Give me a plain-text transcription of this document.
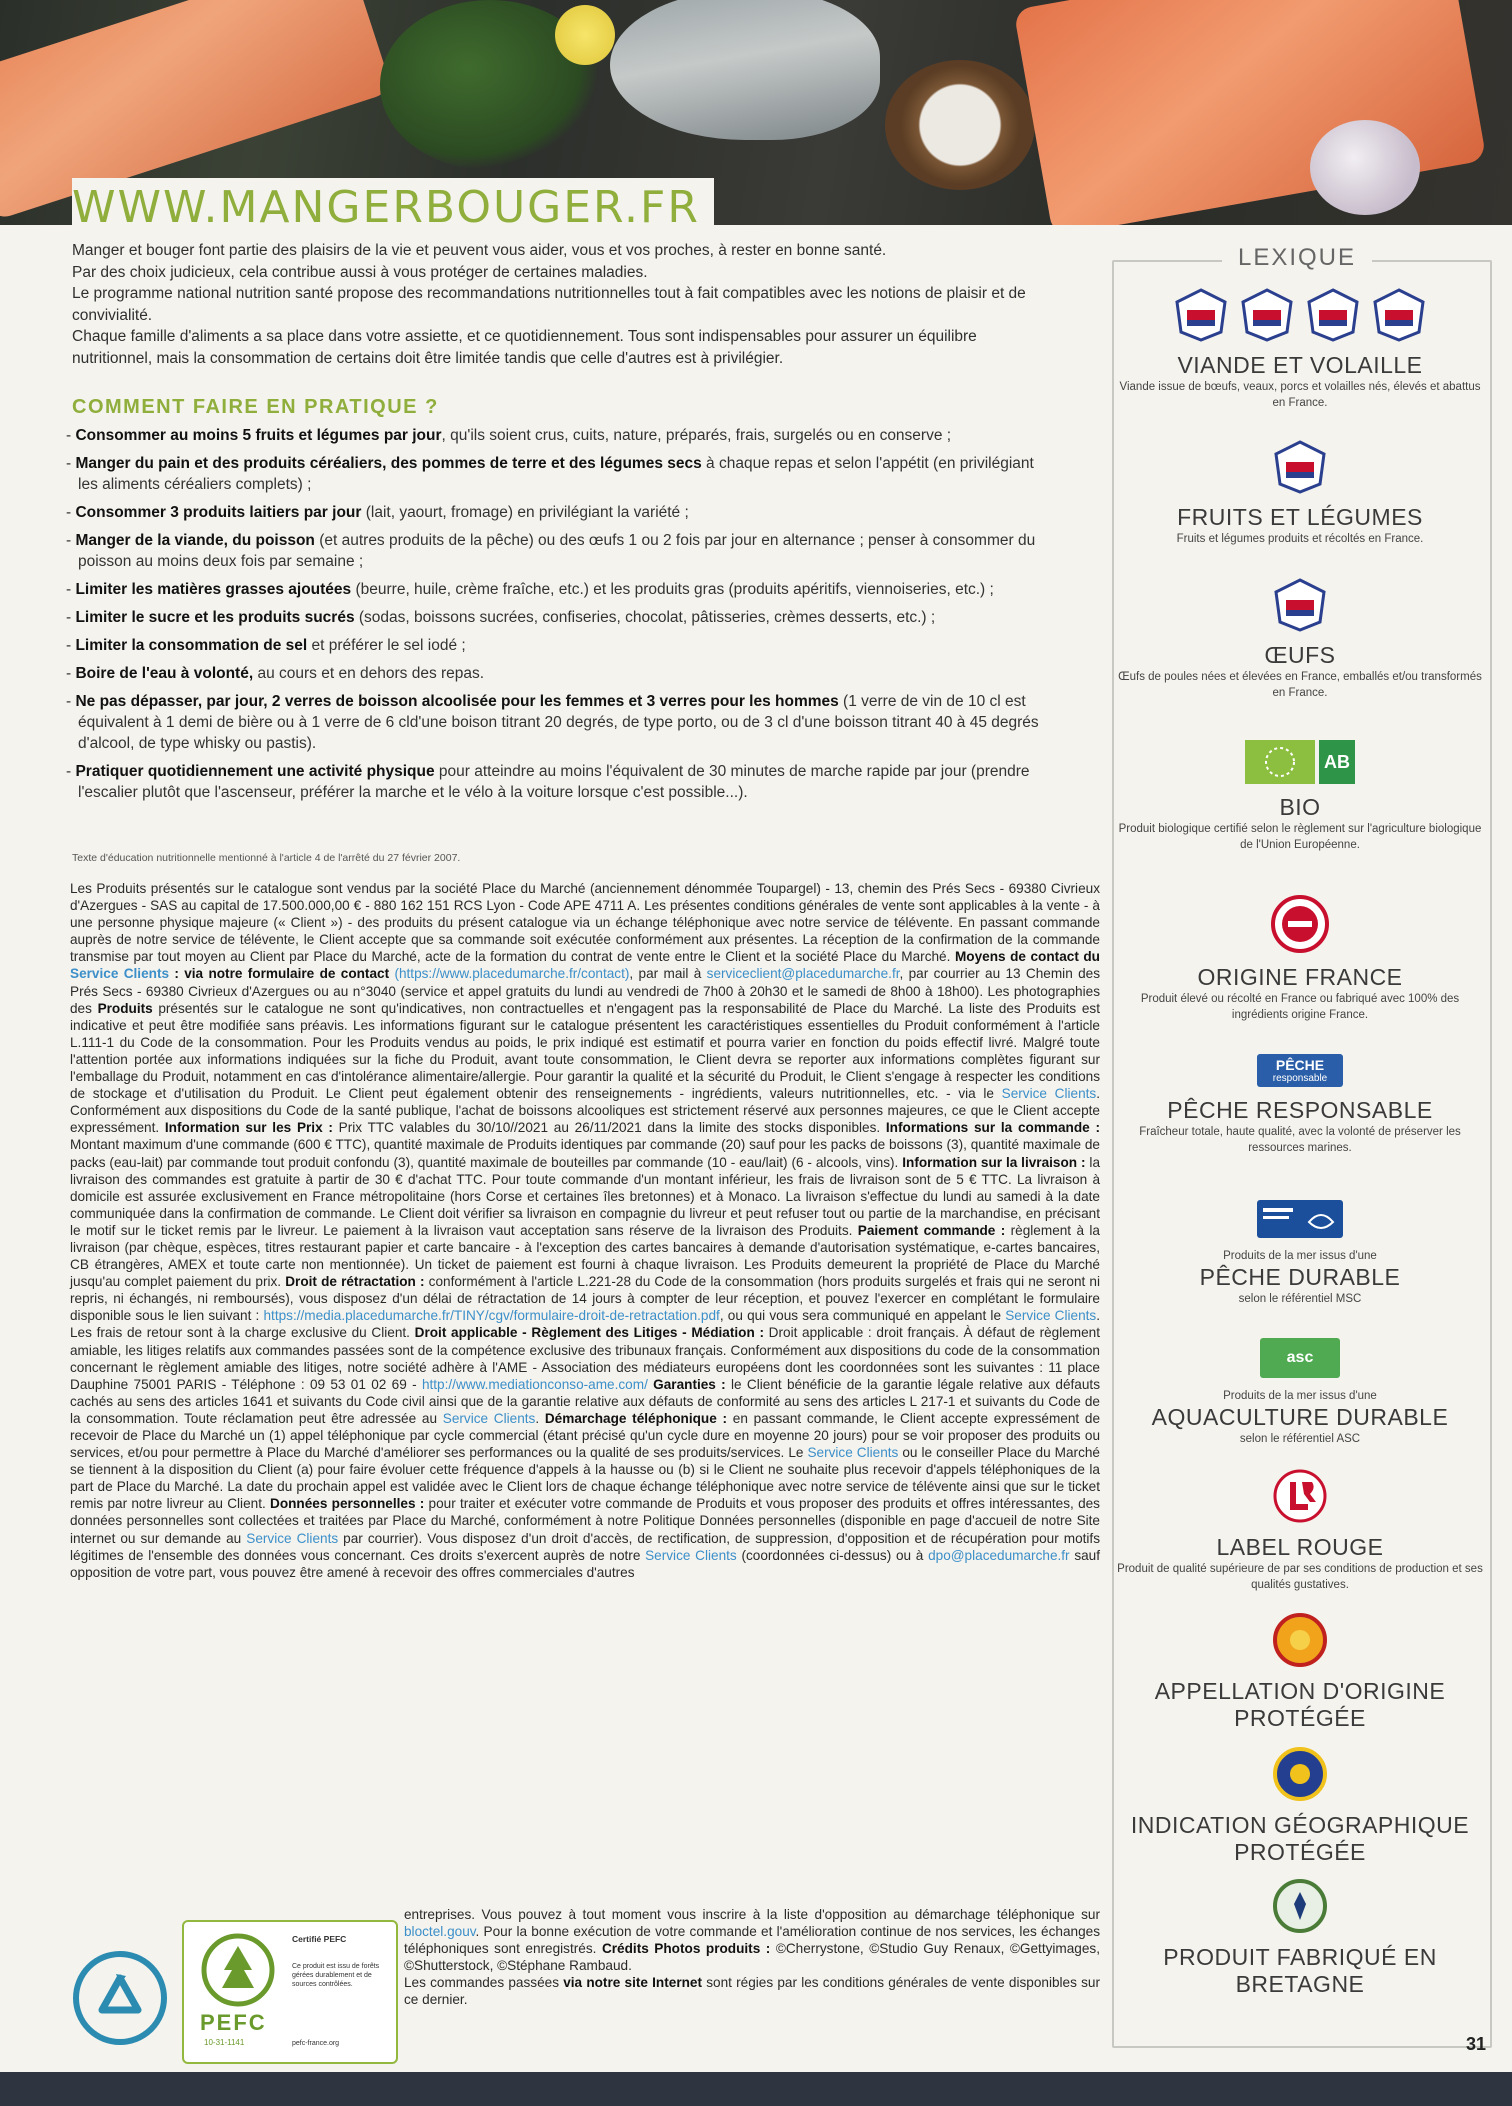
WWW.MANGERBOUGER.FR

Manger et bouger font partie des plaisirs de la vie et peuvent vous aider, vous et vos proches, à rester en bonne santé.

Par des choix judicieux, cela contribue aussi à vous protéger de certaines maladies.

Le programme national nutrition santé propose des recommandations nutritionnelles tout à fait compatibles avec les notions de plaisir et de convivialité.

Chaque famille d'aliments a sa place dans votre assiette, et ce quotidiennement. Tous sont indispensables pour assurer un équilibre nutritionnel, mais la consommation de certains doit être limitée tandis que celle d'autres est à privilégier.

COMMENT FAIRE EN PRATIQUE ?
- Consommer au moins 5 fruits et légumes par jour, qu'ils soient crus, cuits, nature, préparés, frais, surgelés ou en conserve ;
- Manger du pain et des produits céréaliers, des pommes de terre et des légumes secs à chaque repas et selon l'appétit (en privilégiant les aliments céréaliers complets) ;
- Consommer 3 produits laitiers par jour (lait, yaourt, fromage) en privilégiant la variété ;
- Manger de la viande, du poisson (et autres produits de la pêche) ou des œufs 1 ou 2 fois par jour en alternance ; penser à consommer du poisson au moins deux fois par semaine ;
- Limiter les matières grasses ajoutées (beurre, huile, crème fraîche, etc.) et les produits gras (produits apéritifs, viennoiseries, etc.) ;
- Limiter le sucre et les produits sucrés (sodas, boissons sucrées, confiseries, chocolat, pâtisseries, crèmes desserts, etc.) ;
- Limiter la consommation de sel et préférer le sel iodé ;
- Boire de l'eau à volonté, au cours et en dehors des repas.
- Ne pas dépasser, par jour, 2 verres de boisson alcoolisée pour les femmes et 3 verres pour les hommes (1 verre de vin de 10 cl est équivalent à 1 demi de bière ou à 1 verre de 6 cld'une boison titrant 20 degrés, de type porto, ou de 3 cl d'une boisson titrant 40 à 45 degrés d'alcool, de type whisky ou pastis).
- Pratiquer quotidiennement une activité physique pour atteindre au moins l'équivalent de 30 minutes de marche rapide par jour (prendre l'escalier plutôt que l'ascenseur, préférer la marche et le vélo à la voiture lorsque c'est possible...).
Texte d'éducation nutritionnelle mentionné à l'article 4 de l'arrêté du 27 février 2007.

Les Produits présentés sur le catalogue sont vendus par la société Place du Marché (anciennement dénommée Toupargel) - 13, chemin des Prés Secs - 69380 Civrieux d'Azergues - SAS au capital de 17.500.000,00 € - 880 162 151 RCS Lyon - Code APE 4711 A. Les présentes conditions générales de vente sont applicables à la vente - à une personne physique majeure (« Client ») - des produits du présent catalogue via un échange téléphonique avec notre service de télévente. En passant commande auprès de notre service de télévente, le Client accepte que sa commande soit exécutée conformément aux présentes. La réception de la confirmation de la commande transmise par tout moyen au Client par Place du Marché, acte de la formation du contrat de vente entre le Client et la société Place du Marché. Moyens de contact du Service Clients : via notre formulaire de contact (https://www.placedumarche.fr/contact), par mail à serviceclient@placedumarche.fr, par courrier au 13 Chemin des Prés Secs - 69380 Civrieux d'Azergues ou au n°3040 (service et appel gratuits du lundi au vendredi de 7h00 à 20h30 et le samedi de 8h00 à 18h00). Les photographies des Produits présentés sur le catalogue ne sont qu'indicatives, non contractuelles et n'engagent pas la responsabilité de Place du Marché. La liste des Produits est indicative et peut être modifiée sans préavis. Les informations figurant sur le catalogue présentent les caractéristiques essentielles du Produit conformément à l'article L.111-1 du Code de la consommation. Pour les Produits vendus au poids, le prix indiqué est estimatif et pourra varier en fonction du poids effectif livré. Malgré toute l'attention portée aux informations indiquées sur la fiche du Produit, avant toute consommation, le Client devra se reporter aux informations complètes figurant sur l'emballage du Produit, notamment en cas d'intolérance alimentaire/allergie. Pour garantir la qualité et la sécurité du Produit, le Client s'engage à respecter les conditions de stockage et d'utilisation du Produit. Le Client peut également obtenir des renseignements - ingrédients, valeurs nutritionnelles, etc. - via le Service Clients. Conformément aux dispositions du Code de la santé publique, l'achat de boissons alcooliques est strictement réservé aux personnes majeures, ce que le Client accepte expressément. Information sur les Prix : Prix TTC valables du 30/10//2021 au 26/11/2021 dans la limite des stocks disponibles. Informations sur la commande : Montant maximum d'une commande (600 € TTC), quantité maximale de Produits identiques par commande (20) sauf pour les packs de boissons (3), quantité maximale de packs (eau-lait) par commande tout produit confondu (3), quantité maximale de bouteilles par commande (10 - eau/lait) (6 - alcools, vins). Information sur la livraison : la livraison des commandes est gratuite à partir de 30 € d'achat TTC. Pour toute commande d'un montant inférieur, les frais de livraison sont de 5 € TTC. La livraison à domicile est assurée exclusivement en France métropolitaine (hors Corse et certaines îles bretonnes) et à Monaco. La livraison s'effectue du lundi au samedi à la date communiquée dans la confirmation de commande. Le Client doit vérifier sa livraison en compagnie du livreur et peut refuser tout ou partie de la marchandise, en précisant le motif sur le ticket remis par le livreur. Le paiement à la livraison vaut acceptation sans réserve de la livraison des Produits. Paiement commande : règlement à la livraison (par chèque, espèces, titres restaurant papier et carte bancaire - à l'exception des cartes bancaires à demande d'autorisation systématique, e-cartes bancaires, CB étrangères, AMEX et toute carte non mentionnée). Un ticket de paiement est fourni à chaque livraison. Les Produits demeurent la propriété de Place du Marché jusqu'au complet paiement du prix. Droit de rétractation : conformément à l'article L.221-28 du Code de la consommation (hors produits surgelés et frais qui ne seront ni repris, ni échangés, ni remboursés), vous disposez d'un délai de rétractation de 14 jours à compter de leur réception, et pouvez l'exercer en complétant le formulaire disponible sous le lien suivant : https://media.placedumarche.fr/TINY/cgv/formulaire-droit-de-retractation.pdf, ou qui vous sera communiqué en appelant le Service Clients. Les frais de retour sont à la charge exclusive du Client. Droit applicable - Règlement des Litiges - Médiation : Droit applicable : droit français. À défaut de règlement amiable, les litiges relatifs aux commandes passées sont de la compétence exclusive des tribunaux français. Conformément aux dispositions du code de la consommation concernant le règlement amiable des litiges, notre société adhère à l'AME - Association des médiateurs européens dont les coordonnées sont les suivantes : 11 place Dauphine 75001 PARIS - Téléphone : 09 53 01 02 69 - http://www.mediationconso-ame.com/ Garanties : le Client bénéficie de la garantie légale relative aux défauts cachés au sens des articles 1641 et suivants du Code civil ainsi que de la garantie relative aux défauts de conformité au sens des articles L 217-1 et suivants du Code de la consommation. Toute réclamation peut être adressée au Service Clients. Démarchage téléphonique : en passant commande, le Client accepte expressément de recevoir de Place du Marché un (1) appel téléphonique par cycle commercial (étant précisé qu'un cycle dure en moyenne 20 jours) pour se voir proposer des produits ou services, et/ou pour permettre à Place du Marché d'améliorer ses performances ou la qualité de ses produits/services. Le Service Clients ou le conseiller Place du Marché se tiennent à la disposition du Client (a) pour faire évoluer cette fréquence d'appels à la hausse ou (b) si le Client ne souhaite plus recevoir d'appels téléphoniques de la part de Place du Marché. La date du prochain appel est validée avec le Client lors de chaque échange téléphonique avec notre service de télévente ainsi que sur le ticket remis par notre livreur au Client. Données personnelles : pour traiter et exécuter votre commande de Produits et vous proposer des produits et offres intéressantes, des données personnelles sont collectées et traitées par Place du Marché, conformément à notre Politique Données personnelles (disponible en page d'accueil de notre Site internet ou sur demande au Service Clients par courrier). Vous disposez d'un droit d'accès, de rectification, de suppression, d'opposition et de récupération pour motifs légitimes de l'ensemble des données vous concernant. Ces droits s'exercent auprès de notre Service Clients (coordonnées ci-dessus) ou à dpo@placedumarche.fr sauf opposition de votre part, vous pouvez être amené à recevoir des offres commerciales d'autres

entreprises. Vous pouvez à tout moment vous inscrire à la liste d'opposition au démarchage téléphonique sur bloctel.gouv. Pour la bonne exécution de votre commande et l'amélioration continue de nos services, les échanges téléphoniques sont enregistrés. Crédits Photos produits : ©Cherrystone, ©Studio Guy Renaux, ©Gettyimages, ©Shutterstock, ©Stéphane Rambaud.
Les commandes passées via notre site Internet sont régies par les conditions générales de vente disponibles sur ce dernier.
PEFC
10-31-1141
Certifié PEFC
Ce produit est issu de forêts gérées durablement et de sources contrôlées.
pefc-france.org
LEXIQUE
VIANDE ET VOLAILLE
Viande issue de bœufs, veaux, porcs et volailles nés, élevés et abattus en France.
FRUITS ET LÉGUMES
Fruits et légumes produits et récoltés en France.
ŒUFS
Œufs de poules nées et élevées en France, emballés et/ou transformés en France.
AB
BIO
Produit biologique certifié selon le règlement sur l'agriculture biologique de l'Union Européenne.
ORIGINE FRANCE
Produit élevé ou récolté en France ou fabriqué avec 100% des ingrédients origine France.
PÊCHE
responsable
PÊCHE RESPONSABLE
Fraîcheur totale, haute qualité, avec la volonté de préserver les ressources marines.
Produits de la mer issus d'une
PÊCHE DURABLE
selon le référentiel MSC
asc
Produits de la mer issus d'une
AQUACULTURE DURABLE
selon le référentiel ASC
LABEL ROUGE
Produit de qualité supérieure de par ses conditions de production et ses qualités gustatives.
APPELLATION D'ORIGINE PROTÉGÉE
INDICATION GÉOGRAPHIQUE PROTÉGÉE
PRODUIT FABRIQUÉ EN BRETAGNE
31
